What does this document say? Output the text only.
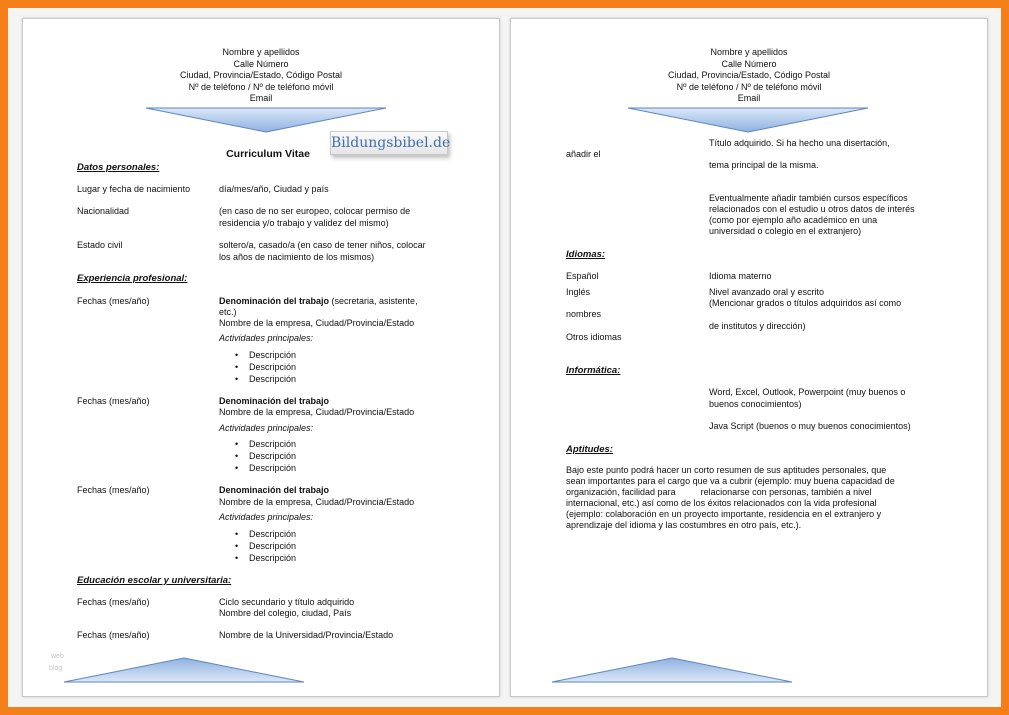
Nombre y apellidos
Calle Número
Ciudad, Provincia/Estado, Código Postal
Nº de teléfono / Nº de teléfono móvil
Email
Curriculum Vitae
Datos personales:
Lugar y fecha de nacimiento	día/mes/año, Ciudad y país
Nacionalidad	(en caso de no ser europeo, colocar permiso de
residencia y/o trabajo y validez del mismo)
Estado civil	soltero/a, casado/a (en caso de tener niños, colocar
los años de nacimiento de los mismos)
Experiencia profesional:
Fechas (mes/año)	Denominación del trabajo (secretaria, asistente,
etc.)
Nombre de la empresa, Ciudad/Provincia/Estado
Actividades principales:
• Descripción
• Descripción
• Descripción
Fechas (mes/año)	Denominación del trabajo
Nombre de la empresa, Ciudad/Provincia/Estado
Actividades principales:
• Descripción
• Descripción
• Descripción
Fechas (mes/año)	Denominación del trabajo
Nombre de la empresa, Ciudad/Provincia/Estado
Actividades principales:
• Descripción
• Descripción
• Descripción
Educación escolar y universitaria:
Fechas (mes/año)	Ciclo secundario y título adquirido
Nombre del colegio, ciudad, País
Fechas (mes/año)	Nombre de la Universidad/Provincia/Estado
web
blog
Bildungsbibel.de
Nombre y apellidos
Calle Número
Ciudad, Provincia/Estado, Código Postal
Nº de teléfono / Nº de teléfono móvil
Email
Título adquirido. Si ha hecho una disertación,
añadir el
tema principal de la misma.
Eventualmente añadir también cursos específicos
relacionados con el estudio u otros datos de interés
(como por ejemplo año académico en una
universidad o colegio en el extranjero)
Idiomas:
Español	Idioma materno
Inglés	Nivel avanzado oral y escrito
(Mencionar grados o títulos adquiridos así como
nombres
de institutos y dirección)
Otros idiomas
Informática:
Word, Excel, Outlook, Powerpoint (muy buenos o
buenos conocimientos)
Java Script (buenos o muy buenos conocimientos)
Aptitudes:
Bajo este punto podrá hacer un corto resumen de sus aptitudes personales, que
sean importantes para el cargo que va a cubrir (ejemplo: muy buena capacidad de
organización, facilidad para          relacionarse con personas, también a nivel
internacional, etc.) así como de los éxitos relacionados con la vida profesional
(ejemplo: colaboración en un proyecto importante, residencia en el extranjero y
aprendizaje del idioma y las costumbres en otro país, etc.).
